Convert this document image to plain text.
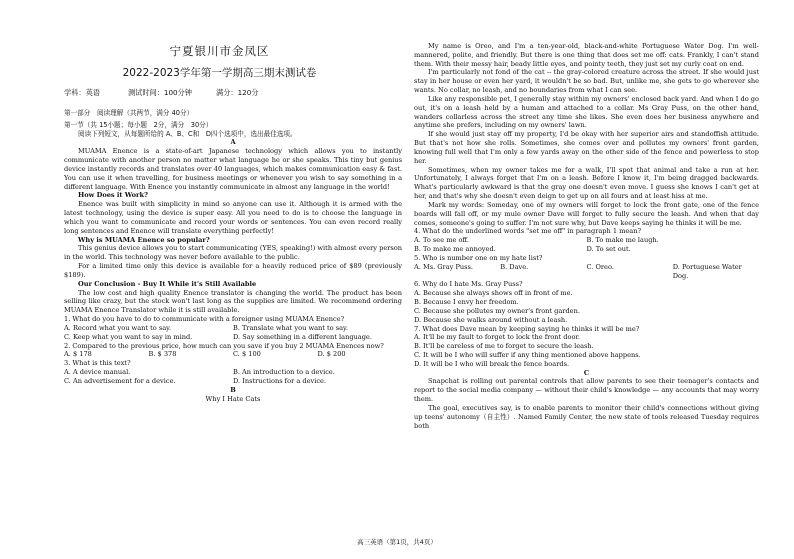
宁夏银川市金凤区
2022-2023学年第一学期高三期末测试卷
学科：英语	测试时间：100分钟	满分：120分
第一部分　阅读理解（共两节，满分 40分）
第一节（共 15小题；每小题　2分，满分　30分）

阅读下列短文，从每题所给的 A、B、C和　D四个选项中，选出最佳选项。

A

MUAMA Enence is a state-of-art Japanese technology which allows you to instantly communicate with another person no matter what language he or she speaks. This tiny but genius device instantly records and translates over 40 languages, which makes communication easy & fast. You can use it when travelling, for business meetings or whenever you wish to say something in a different language. With Enence you instantly communicate in almost any language in the world!

How Does it Work?

Enence was built with simplicity in mind so anyone can use it. Although it is armed with the latest technology, using the device is super easy. All you need to do is to choose the language in which you want to communicate and record your words or sentences. You can even record really long sentences and Enence will translate everything perfectly!

Why is MUAMA Enence so popular?

This genius device allows you to start communicating (YES, speaking!) with almost every person in the world. This technology was never before available to the public.

For a limited time only this device is available for a heavily reduced price of $89 (previously $189).

Our Conclusion - Buy It While it's Still Available

The low cost and high quality Enence translator is changing the world. The product has been selling like crazy, but the stock won't last long as the supplies are limited. We recommend ordering MUAMA Enence Translator while it is still available.

1. What do you have to do to communicate with a foreigner using MUAMA Enence?

A. Record what you want to say.	B. Translate what you want to say.
C. Keep what you want to say in mind.	D. Say something in a different language.

2. Compared to the previous price, how much can you save if you buy 2 MUAMA Enences now?

A. $ 178	B. $ 378	C. $ 100	D. $ 200

3. What is this text?

A. A device manual.	B. An introduction to a device.
C. An advertisement for a device.	D. Instructions for a device.
B
Why I Hate Cats

My name is Oreo, and I'm a ten-year-old, black-and-white Portuguese Water Dog. I'm well-mannered, polite, and friendly. But there is one thing that does set me off: cats. Frankly, I can't stand them. With their messy hair, beady little eyes, and pointy teeth, they just set my curly coat on end.

I'm particularly not fond of the cat -- the gray-colored creature across the street. If she would just stay in her house or even her yard, it wouldn't be so bad. But, unlike me, she gets to go wherever she wants. No collar, no leash, and no boundaries from what I can see.

Like any responsible pet, I generally stay within my owners' enclosed back yard. And when I do go out, it's on a leash held by a human and attached to a collar. Ms Gray Puss, on the other hand, wanders collarless across the street any time she likes. She even does her business anywhere and anytime she prefers, including on my owners' lawn.

If she would just stay off my property, I'd be okay with her superior airs and standoffish attitude. But that's not how she rolls. Sometimes, she comes over and pollutes my owners' front garden, knowing full well that I'm only a few yards away on the other side of the fence and powerless to stop her.

Sometimes, when my owner takes me for a walk, I'll spot that animal and take a run at her. Unfortunately, I always forget that I'm on a leash. Before I know it, I'm being dragged backwards. What's particularly awkward is that the gray one doesn't even move. I guess she knows I can't get at her, and that's why she doesn't even deign to get up on all fours and at least hiss at me.

Mark my words: Someday, one of my owners will forget to lock the front gate, one of the fence boards will fall off, or my mule owner Dave will forget to fully secure the leash. And when that day comes, someone's going to suffer. I'm not sure why, but Dave keeps saying he thinks it will be me.

4. What do the underlined words "set me off" in paragraph 1 mean?

A. To see me off.	B. To make me laugh.
B. To make me annoyed.	D. To set out.

5. Who is number one on my hate list?

A. Ms. Gray Puss.	B. Dave.	C. Oreo.	D. Portuguese Water Dog.

6. Why do I hate Ms. Gray Puss?

A. Because she always shows off in front of me.

B. Because I envy her freedom.

C. Because she pollutes my owner's front garden.

D. Because she walks around without a leash.

7. What does Dave mean by keeping saying he thinks it will be me?

A. It'll be my fault to forget to lock the front door.

B. It'll be careless of me to forget to secure the leash.

C. It will be I who will suffer if any thing mentioned above happens.

D. It will be I who will break the fence boards.

C

Snapchat is rolling out parental controls that allow parents to see their teenager's contacts and report to the social media company — without their child's knowledge — any accounts that may worry them.

The goal, executives say, is to enable parents to monitor their child's connections without giving up teens' autonomy（自主性）. Named Family Center, the new state of tools released Tuesday requires both

高三英语（第1页，共4页）
